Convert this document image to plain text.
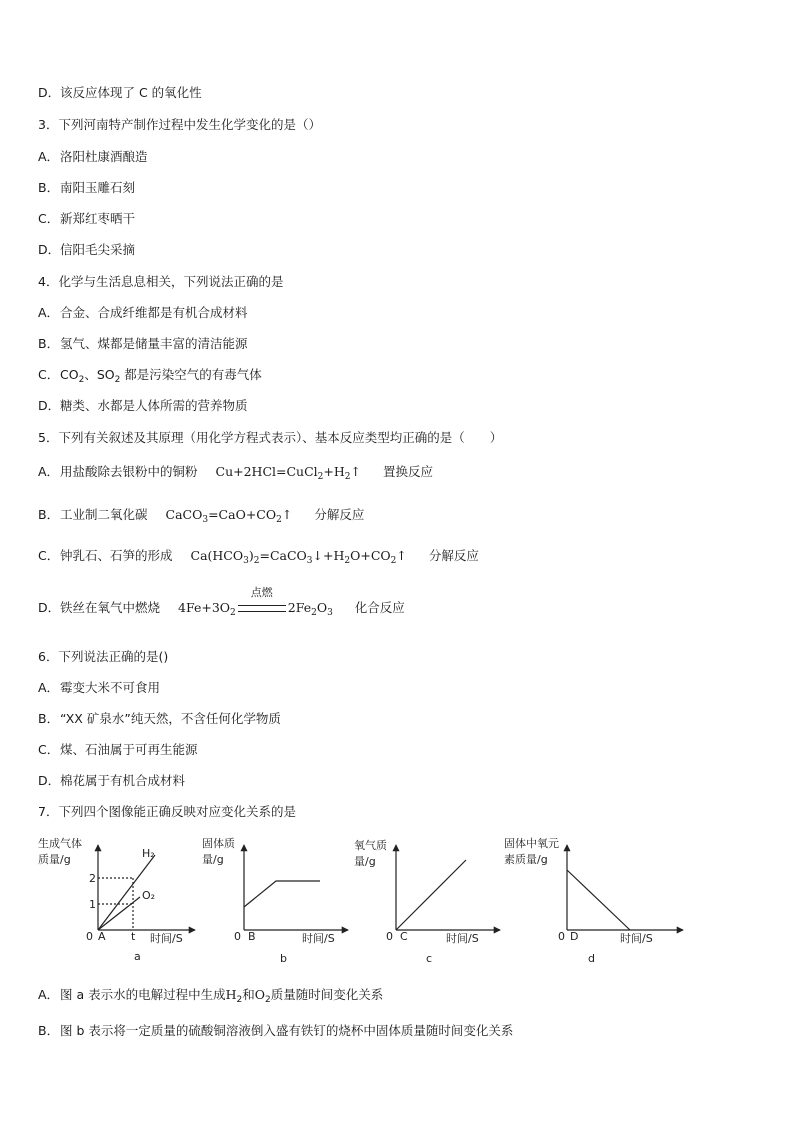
D．该反应体现了 C 的氧化性
3．下列河南特产制作过程中发生化学变化的是（）
A．洛阳杜康酒酿造
B．南阳玉雕石刻
C．新郑红枣晒干
D．信阳毛尖采摘
4．化学与生活息息相关，下列说法正确的是
A．合金、合成纤维都是有机合成材料
B．氢气、煤都是储量丰富的清洁能源
C．$CO_2$、$SO_2$ 都是污染空气的有毒气体
D．糖类、水都是人体所需的营养物质
5．下列有关叙述及其原理（用化学方程式表示）、基本反应类型均正确的是（　　）
A．用盐酸除去银粉中的铜粉 $Cu+2HCl=CuCl_2+H_2↑$ 置换反应
B．工业制二氧化碳 $CaCO_3=CaO+CO_2↑$ 分解反应
C．钟乳石、石笋的形成 $Ca(HCO_3)_2=CaCO_3↓+H_2O+CO_2↑$ 分解反应
D．铁丝在氧气中燃烧 $4Fe+3O_2$
点燃
$2Fe_2O_3$ 化合反应
6．下列说法正确的是()
A．霉变大米不可食用
B．“XX 矿泉水”纯天然，不含任何化学物质
C．煤、石油属于可再生能源
D．棉花属于有机合成材料
7．下列四个图像能正确反映对应变化关系的是
生成气体
质量/g	H₂
O₂
2
1
0 A t 时间/S
a
固体质
量/g
0 B	时间/S
b
氧气质
量/g
0 C	时间/S
c
固体中氧元
素质量/g
0 D	时间/S
d
A．图 a 表示水的电解过程中生成$H_2$和$O_2$质量随时间变化关系
B．图 b 表示将一定质量的硫酸铜溶液倒入盛有铁钉的烧杯中固体质量随时间变化关系
